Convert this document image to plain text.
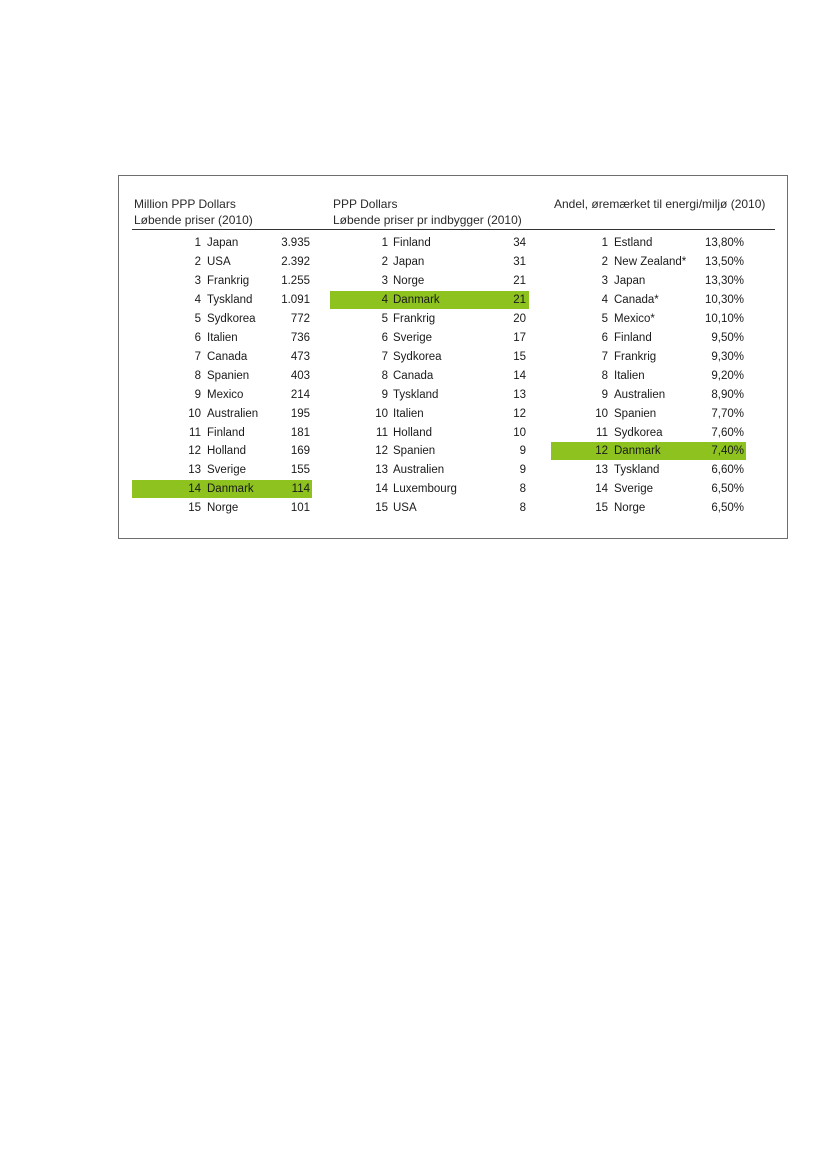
Million PPP Dollars
Løbende priser (2010)
1 Japan	3.935
2 USA	2.392
3 Frankrig	1.255
4 Tyskland	1.091
5 Sydkorea	772
6 Italien	736
7 Canada	473
8 Spanien	403
9 Mexico	214
10 Australien	195
11 Finland	181
12 Holland	169
13 Sverige	155
14 Danmark	114
15 Norge	101
PPP Dollars
Løbende priser pr indbygger (2010)
1 Finland	34
2 Japan	31
3 Norge	21
4 Danmark	21
5 Frankrig	20
6 Sverige	17
7 Sydkorea	15
8 Canada	14
9 Tyskland	13
10 Italien	12
11 Holland	10
12 Spanien	9
13 Australien	9
14 Luxembourg	8
15 USA	8
Andel, øremærket til energi/miljø (2010)
1 Estland	13,80%
2 New Zealand* 13,50%
3 Japan	13,30%
4 Canada*	10,30%
5 Mexico*	10,10%
6 Finland	9,50%
7 Frankrig	9,30%
8 Italien	9,20%
9 Australien	8,90%
10 Spanien	7,70%
11 Sydkorea	7,60%
12 Danmark	7,40%
13 Tyskland	6,60%
14 Sverige	6,50%
15 Norge	6,50%
